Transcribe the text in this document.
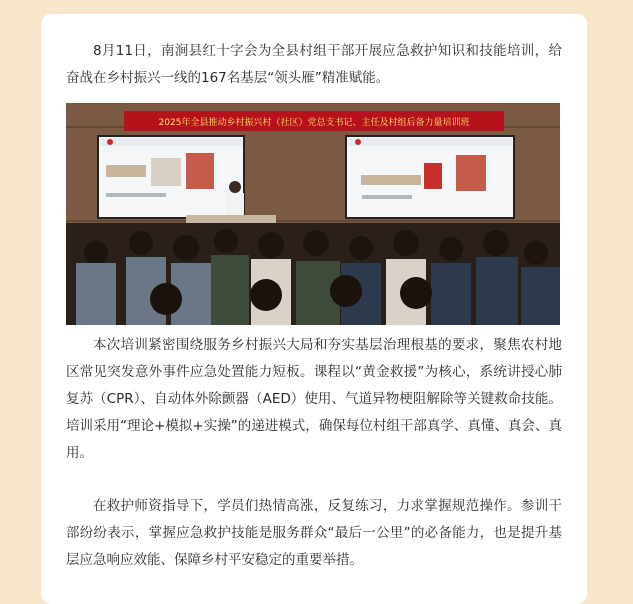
8月11日，南涧县红十字会为全县村组干部开展应急救护知识和技能培训，给奋战在乡村振兴一线的167名基层“领头雁”精准赋能。

2025年全县推动乡村振兴村（社区）党总支书记、主任及村组后备力量培训班

本次培训紧密围绕服务乡村振兴大局和夯实基层治理根基的要求，聚焦农村地区常见突发意外事件应急处置能力短板。课程以“黄金救援”为核心，系统讲授心肺复苏（CPR）、自动体外除颤器（AED）使用、气道异物梗阻解除等关键救命技能。培训采用“理论+模拟+实操”的递进模式，确保每位村组干部真学、真懂、真会、真用。

在救护师资指导下，学员们热情高涨，反复练习，力求掌握规范操作。参训干部纷纷表示，掌握应急救护技能是服务群众“最后一公里”的必备能力，也是提升基层应急响应效能、保障乡村平安稳定的重要举措。
